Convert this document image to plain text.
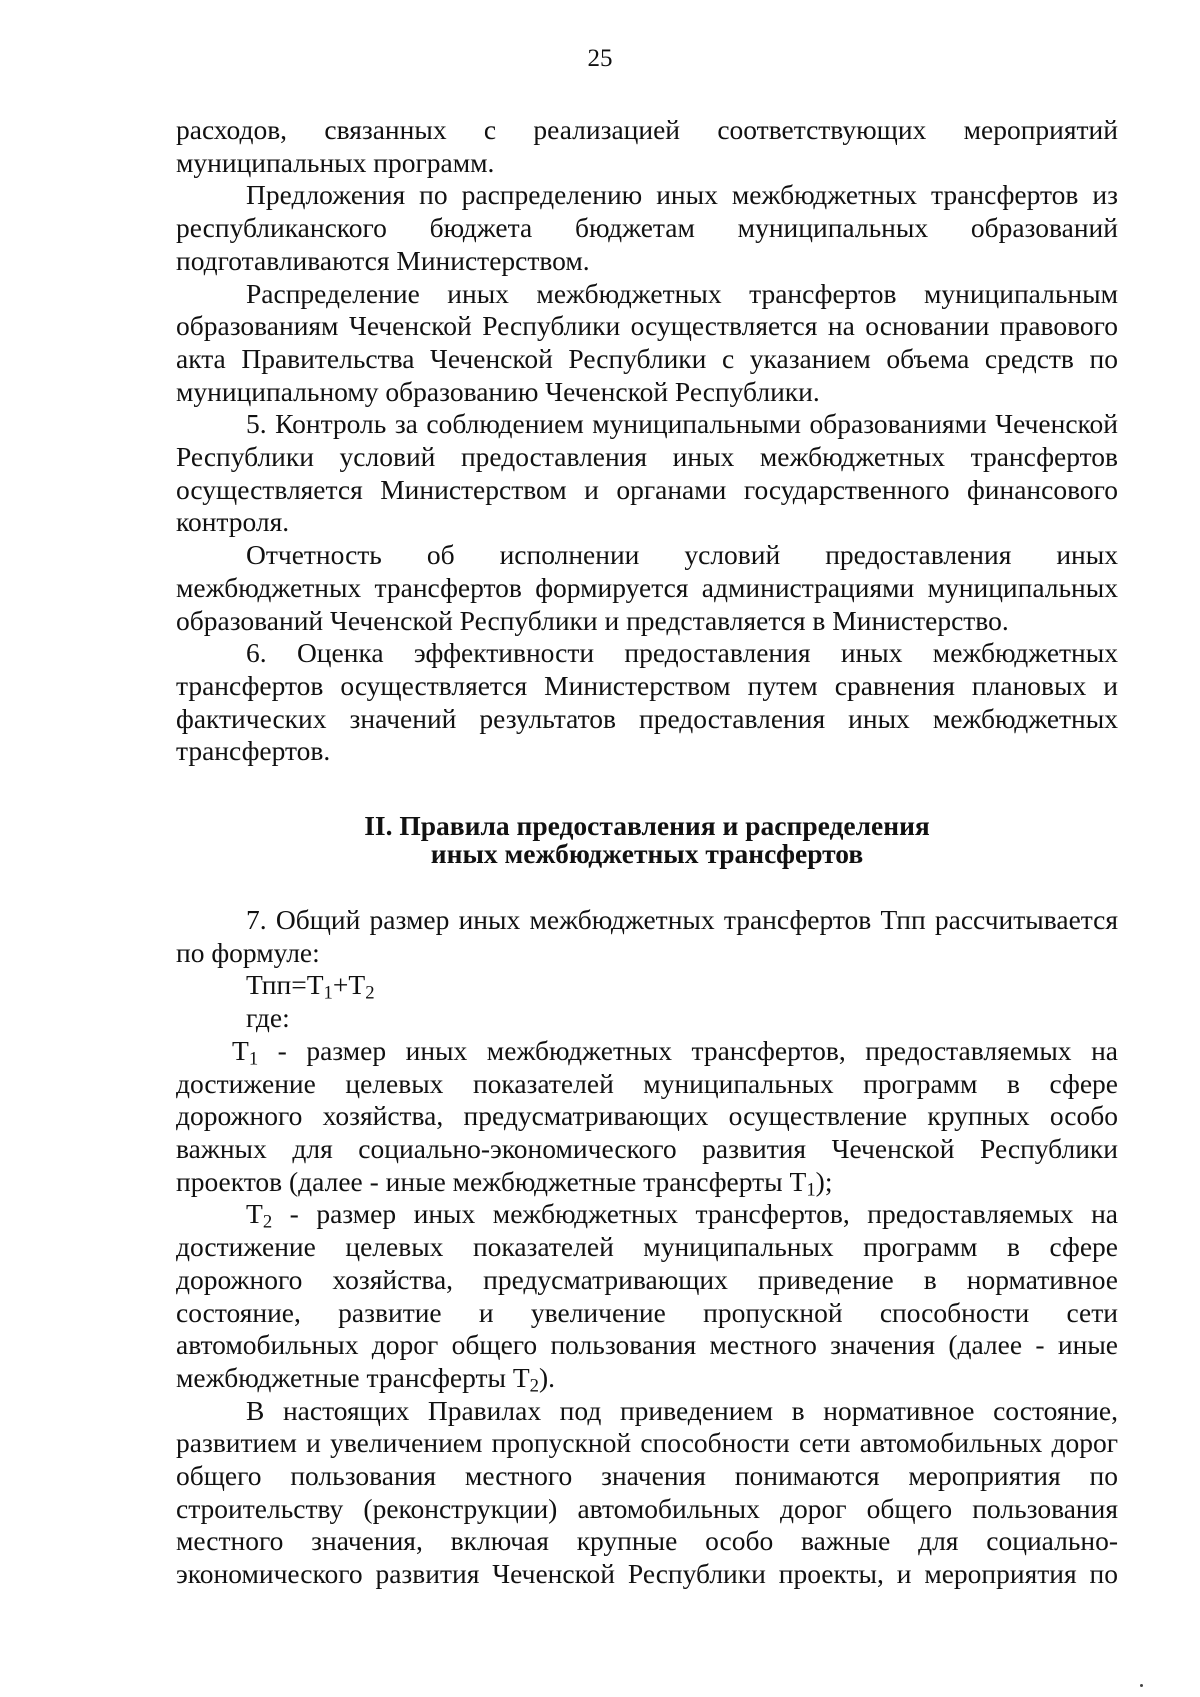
25
расходов, связанных с реализацией соответствующих мероприятий
муниципальных программ.
Предложения по распределению иных межбюджетных трансфертов из
республиканского бюджета бюджетам муниципальных образований
подготавливаются Министерством.
Распределение иных межбюджетных трансфертов муниципальным
образованиям Чеченской Республики осуществляется на основании правового
акта Правительства Чеченской Республики с указанием объема средств по
муниципальному образованию Чеченской Республики.
5. Контроль за соблюдением муниципальными образованиями Чеченской
Республики условий предоставления иных межбюджетных трансфертов
осуществляется Министерством и органами государственного финансового
контроля.
Отчетность об исполнении условий предоставления иных
межбюджетных трансфертов формируется администрациями муниципальных
образований Чеченской Республики и представляется в Министерство.
6. Оценка эффективности предоставления иных межбюджетных
трансфертов осуществляется Министерством путем сравнения плановых и
фактических значений результатов предоставления иных межбюджетных
трансфертов.
II. Правила предоставления и распределения
иных межбюджетных трансфертов
7. Общий размер иных межбюджетных трансфертов Тпп рассчитывается
по формуле:
$Тпп=Т_1+Т_2$
где:
$Т_1$ - размер иных межбюджетных трансфертов, предоставляемых на
достижение целевых показателей муниципальных программ в сфере
дорожного хозяйства, предусматривающих осуществление крупных особо
важных для социально-экономического развития Чеченской Республики
проектов (далее - иные межбюджетные трансферты $Т_1$);
$Т_2$ - размер иных межбюджетных трансфертов, предоставляемых на
достижение целевых показателей муниципальных программ в сфере
дорожного хозяйства, предусматривающих приведение в нормативное
состояние, развитие и увеличение пропускной способности сети
автомобильных дорог общего пользования местного значения (далее - иные
межбюджетные трансферты $Т_2$).
В настоящих Правилах под приведением в нормативное состояние,
развитием и увеличением пропускной способности сети автомобильных дорог
общего пользования местного значения понимаются мероприятия по
строительству (реконструкции) автомобильных дорог общего пользования
местного значения, включая крупные особо важные для социально-
экономического развития Чеченской Республики проекты, и мероприятия по
